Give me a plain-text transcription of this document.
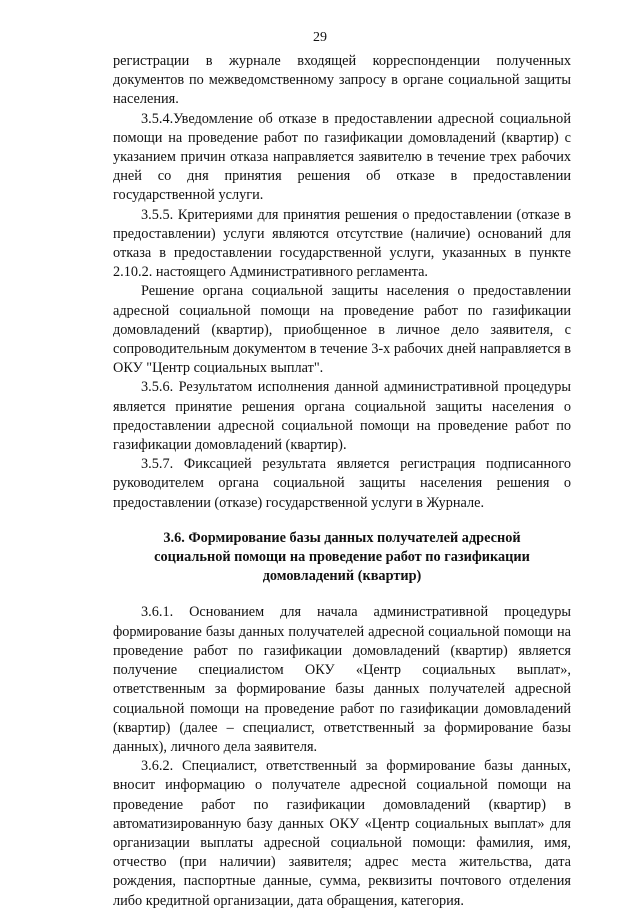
29

регистрации в журнале входящей корреспонденции полученных документов по межведомственному запросу в органе социальной защиты населения.

3.5.4.Уведомление об отказе в предоставлении адресной социальной помощи на проведение работ по газификации домовладений (квартир) с указанием причин отказа направляется заявителю в течение трех рабочих дней со дня принятия решения об отказе в предоставлении государственной услуги.

3.5.5. Критериями для принятия решения о предоставлении (отказе в предоставлении) услуги являются отсутствие (наличие) оснований для отказа в предоставлении государственной услуги, указанных в пункте 2.10.2. настоящего Административного регламента.

Решение органа социальной защиты населения о предоставлении адресной социальной помощи на проведение работ по газификации домовладений (квартир), приобщенное в личное дело заявителя, с сопроводительным документом в течение 3-х рабочих дней направляется в ОКУ "Центр социальных выплат".

3.5.6. Результатом исполнения данной административной процедуры является принятие решения органа социальной защиты населения о предоставлении адресной социальной помощи на проведение работ по газификации домовладений (квартир).

3.5.7. Фиксацией результата является регистрация подписанного руководителем органа социальной защиты населения решения о предоставлении (отказе) государственной услуги в Журнале.

3.6. Формирование базы данных получателей адресной
социальной помощи на проведение работ по газификации
домовладений (квартир)

3.6.1. Основанием для начала административной процедуры формирование базы данных получателей адресной социальной помощи на проведение работ по газификации домовладений (квартир) является получение специалистом ОКУ «Центр социальных выплат», ответственным за формирование базы данных получателей адресной социальной помощи на проведение работ по газификации домовладений (квартир) (далее – специалист, ответственный за формирование базы данных), личного дела заявителя.

3.6.2. Специалист, ответственный за формирование базы данных, вносит информацию о получателе адресной социальной помощи на проведение работ по газификации домовладений (квартир) в автоматизированную базу данных ОКУ «Центр социальных выплат» для организации выплаты адресной социальной помощи: фамилия, имя, отчество (при наличии) заявителя; адрес места жительства, дата рождения, паспортные данные, сумма, реквизиты почтового отделения либо кредитной организации, дата обращения, категория.
